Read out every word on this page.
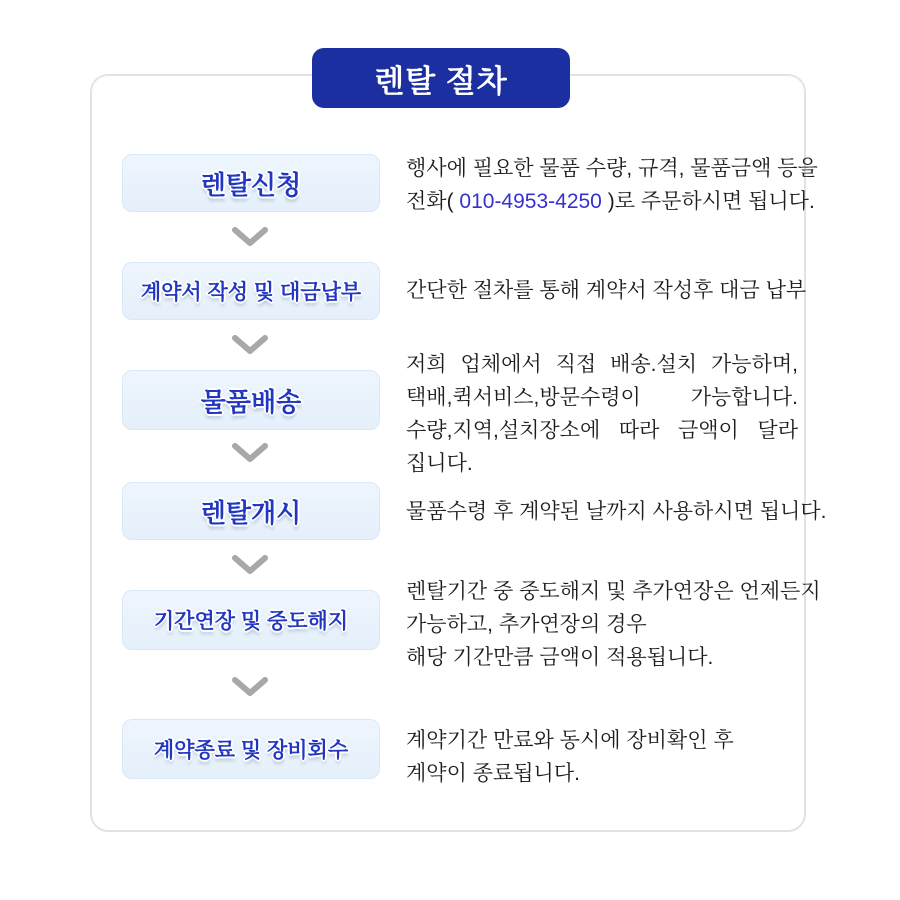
렌탈 절차
렌탈신청
행사에 필요한 물품 수량, 규격, 물품금액 등을
전화( 010-4953-4250 )로 주문하시면 됩니다.
계약서 작성 및 대금납부 간단한 절차를 통해 계약서 작성후 대금 납부
물품배송
저희 업체에서 직접 배송.설치 가능하며,
택배,퀵서비스,방문수령이 가능합니다.
수량,지역,설치장소에 따라 금액이 달라
집니다.
렌탈개시	물품수령 후 계약된 날까지 사용하시면 됩니다.
기간연장 및 중도해지
렌탈기간 중 중도해지 및 추가연장은 언제든지
가능하고, 추가연장의 경우
해당 기간만큼 금액이 적용됩니다.
계약종료 및 장비회수	계약기간 만료와 동시에 장비확인 후
계약이 종료됩니다.
